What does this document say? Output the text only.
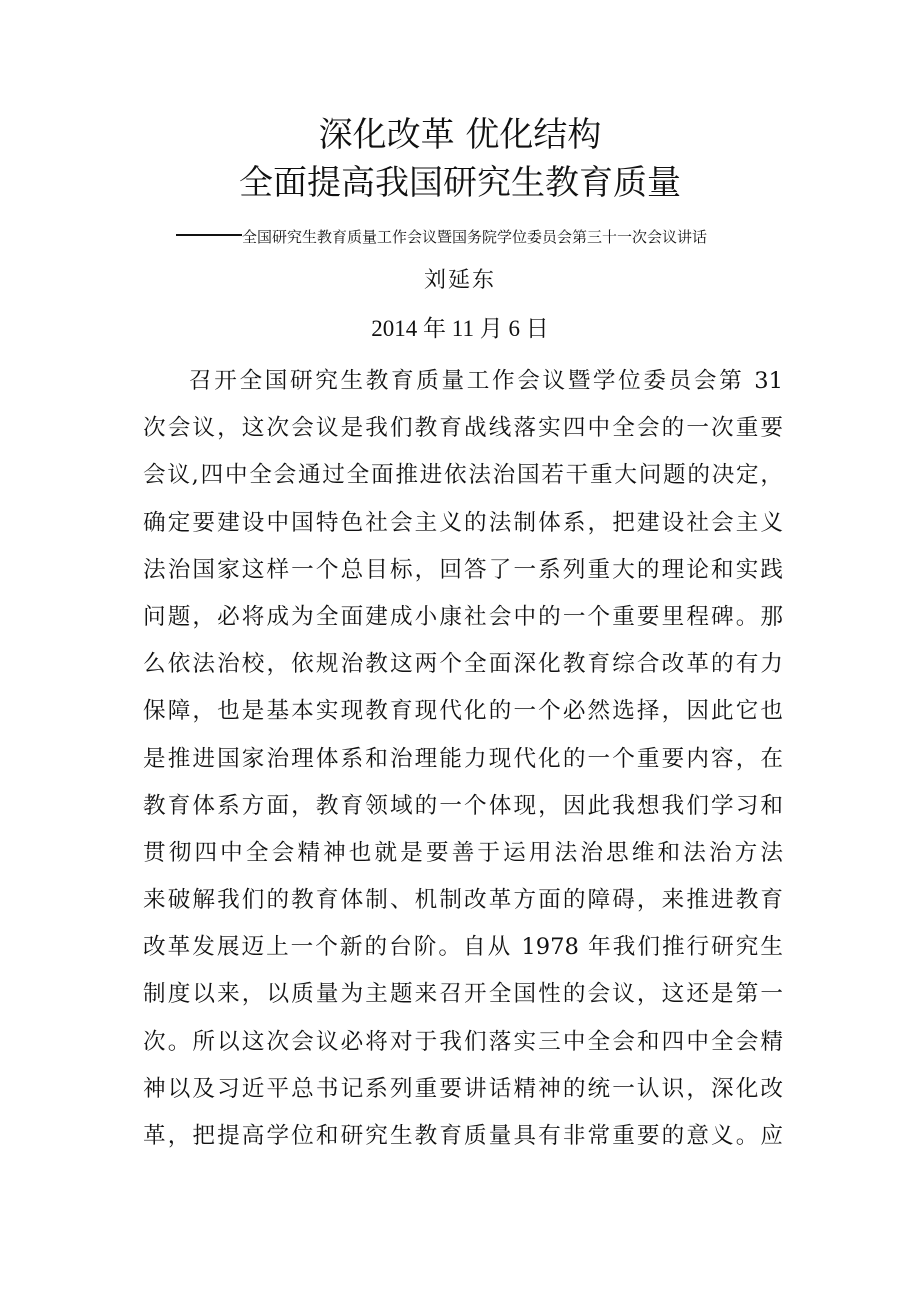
深化改革 优化结构
全面提高我国研究生教育质量
全国研究生教育质量工作会议暨国务院学位委员会第三十一次会议讲话
刘延东
2014 年 11 月 6 日
召开全国研究生教育质量工作会议暨学位委员会第 31
次会议，这次会议是我们教育战线落实四中全会的一次重要
会议,四中全会通过全面推进依法治国若干重大问题的决定，
确定要建设中国特色社会主义的法制体系，把建设社会主义
法治国家这样一个总目标，回答了一系列重大的理论和实践
问题，必将成为全面建成小康社会中的一个重要里程碑。那
么依法治校，依规治教这两个全面深化教育综合改革的有力
保障，也是基本实现教育现代化的一个必然选择，因此它也
是推进国家治理体系和治理能力现代化的一个重要内容，在
教育体系方面，教育领域的一个体现，因此我想我们学习和
贯彻四中全会精神也就是要善于运用法治思维和法治方法
来破解我们的教育体制、机制改革方面的障碍，来推进教育
改革发展迈上一个新的台阶。自从 1978 年我们推行研究生
制度以来，以质量为主题来召开全国性的会议，这还是第一
次。所以这次会议必将对于我们落实三中全会和四中全会精
神以及习近平总书记系列重要讲话精神的统一认识，深化改
革，把提高学位和研究生教育质量具有非常重要的意义。应
